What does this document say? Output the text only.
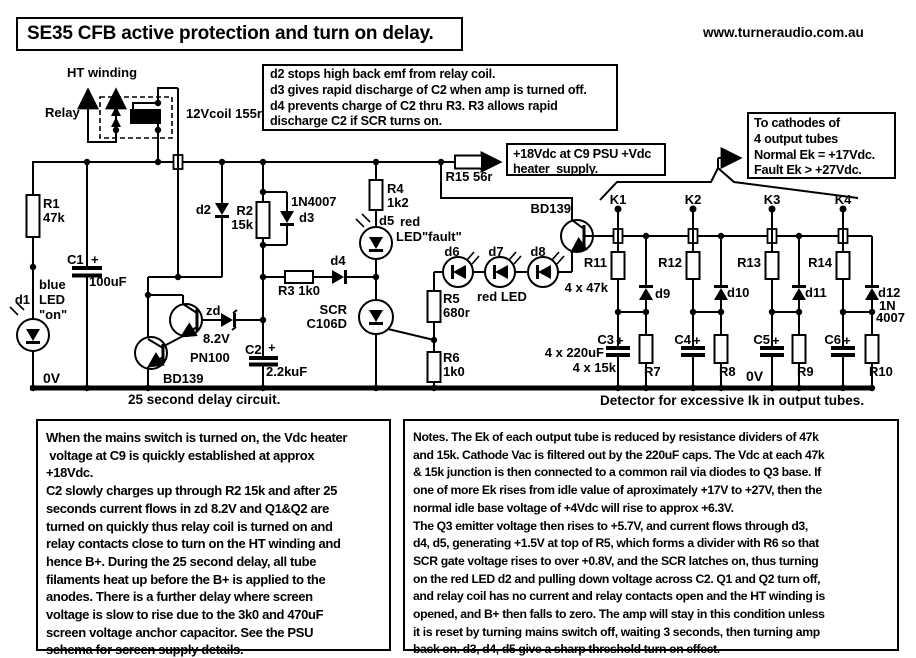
SE35 CFB active protection and turn on delay.	www.turneraudio.com.au
d2 stops high back emf from relay coil.
d3 gives rapid discharge of C2 when amp is turned off.
d4 prevents charge of C2 thru R3. R3 allows rapid
discharge C2 if SCR turns on.
+18Vdc at C9 PSU +Vdc
heater  supply.
To cathodes of
4 output tubes
Normal Ek = +17Vdc.
Fault Ek > +27Vdc.
When the mains switch is turned on, the Vdc heater
voltage at C9 is quickly established at approx
+18Vdc.
C2 slowly charges up through R2 15k and after 25
seconds current flows in zd 8.2V and Q1&Q2 are
turned on quickly thus relay coil is turned on and
relay contacts close to turn on the HT winding and
hence B+. During the 25 second delay, all tube
filaments heat up before the B+ is applied to the
anodes. There is a further delay where screen
voltage is slow to rise due to the 3k0 and 470uF
screen voltage anchor capacitor. See the PSU
schema for screen supply details.
Notes. The Ek of each output tube is reduced by resistance dividers of 47k
and 15k. Cathode Vac is filtered out by the 220uF caps. The Vdc at each 47k
& 15k junction is then connected to a common rail via diodes to Q3 base. If
one of more Ek rises from idle value of aproximately +17V to +27V, then the
normal idle base voltage of +4Vdc will rise to approx +6.3V.
The Q3 emitter voltage then rises to +5.7V, and current flows through d3,
d4, d5, generating +1.5V at top of R5, which forms a divider with R6 so that
SCR gate voltage rises to over +0.8V, and the SCR latches on, thus turning
on the red LED d2 and pulling down voltage across C2. Q1 and Q2 turn off,
and relay coil has no current and relay contacts open and the HT winding is
opened, and B+ then falls to zero. The amp will stay in this condition unless
it is reset by turning mains switch off, waiting 3 seconds, then turning amp
back on. d3, d4, d5 give a sharp threshold turn on effect.
HT winding
Relay	12Vcoil 155r
R1
47k
C1 +
100uF
blue
d1 LED
"on"
0V
d2 R2
15k
1N4007
d3
zd
8.2V
PN100
BD139
C2 +
2.2kuF
R3 1k0
d4
R4
1k2
d5 red
LED"fault"
SCR
C106D
R5
680r
R6
1k0
d6 d7 d8
red LED
R15 56r
BD139
K1	K2	K3	K4
R11	R12	R13	R14
4 x 47k	d9	d10	d11	d12
1N
4007
C3 +
4 x 220uF
4 x 15k
C4 +	C5 +	C6 +
R7	R8	R9	R10
0V
25 second delay circuit.	Detector for excessive Ik in output tubes.
